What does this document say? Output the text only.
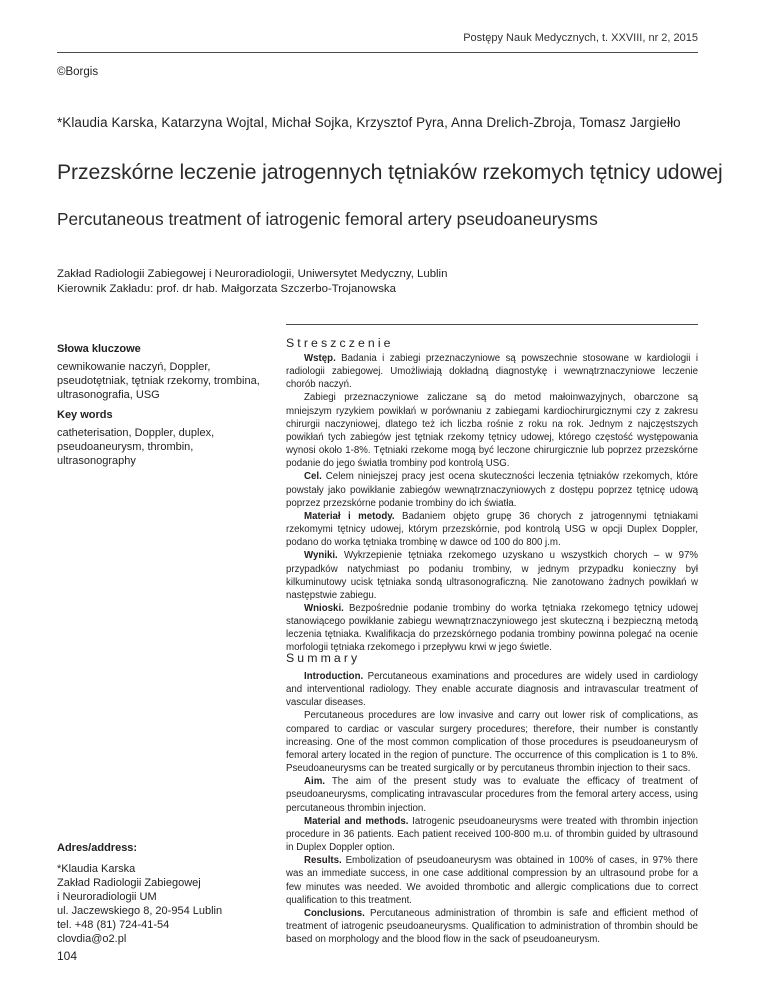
Postępy Nauk Medycznych, t. XXVIII, nr 2, 2015
©Borgis
*Klaudia Karska, Katarzyna Wojtal, Michał Sojka, Krzysztof Pyra, Anna Drelich-Zbroja, Tomasz Jargiełło
Przezskórne leczenie jatrogennych tętniaków rzekomych tętnicy udowej
Percutaneous treatment of iatrogenic femoral artery pseudoaneurysms
Zakład Radiologii Zabiegowej i Neuroradiologii, Uniwersytet Medyczny, Lublin
Kierownik Zakładu: prof. dr hab. Małgorzata Szczerbo-Trojanowska
Słowa kluczowe
cewnikowanie naczyń, Doppler, pseudotętniak, tętniak rzekomy, trombina, ultrasonografia, USG
Key words
catheterisation, Doppler, duplex, pseudoaneurysm, thrombin, ultrasonography
Adres/address:
*Klaudia Karska
Zakład Radiologii Zabiegowej
i Neuroradiologii UM
ul. Jaczewskiego 8, 20-954 Lublin
tel. +48 (81) 724-41-54
clovdia@o2.pl
Streszczenie

Wstęp. Badania i zabiegi przeznaczyniowe są powszechnie stosowane w kardiologii i radiologii zabiegowej. Umożliwiają dokładną diagnostykę i wewnątrznaczyniowe leczenie chorób naczyń.

Zabiegi przeznaczyniowe zaliczane są do metod małoinwazyjnych, obarczone są mniejszym ryzykiem powikłań w porównaniu z zabiegami kardiochirurgicznymi czy z zakresu chirurgii naczyniowej, dlatego też ich liczba rośnie z roku na rok. Jednym z najczęstszych powikłań tych zabiegów jest tętniak rzekomy tętnicy udowej, którego częstość występowania wynosi około 1-8%. Tętniaki rzekome mogą być leczone chirurgicznie lub poprzez przezskórne podanie do jego światła trombiny pod kontrolą USG.

Cel. Celem niniejszej pracy jest ocena skuteczności leczenia tętniaków rzekomych, które powstały jako powikłanie zabiegów wewnątrznaczyniowych z dostępu poprzez tętnicę udową poprzez przezskórne podanie trombiny do ich światła.

Materiał i metody. Badaniem objęto grupę 36 chorych z jatrogennymi tętniakami rzekomymi tętnicy udowej, którym przezskórnie, pod kontrolą USG w opcji Duplex Doppler, podano do worka tętniaka trombinę w dawce od 100 do 800 j.m.

Wyniki. Wykrzepienie tętniaka rzekomego uzyskano u wszystkich chorych – w 97% przypadków natychmiast po podaniu trombiny, w jednym przypadku konieczny był kilkuminutowy ucisk tętniaka sondą ultrasonograficzną. Nie zanotowano żadnych powikłań w następstwie zabiegu.

Wnioski. Bezpośrednie podanie trombiny do worka tętniaka rzekomego tętnicy udowej stanowiącego powikłanie zabiegu wewnątrznaczyniowego jest skuteczną i bezpieczną metodą leczenia tętniaka. Kwalifikacja do przezskórnego podania trombiny powinna polegać na ocenie morfologii tętniaka rzekomego i przepływu krwi w jego świetle.

Summary

Introduction. Percutaneous examinations and procedures are widely used in cardiology and interventional radiology. They enable accurate diagnosis and intravascular treatment of vascular diseases.

Percutaneous procedures are low invasive and carry out lower risk of complications, as compared to cardiac or vascular surgery procedures; therefore, their number is constantly increasing. One of the most common complication of those procedures is pseudoaneurysm of femoral artery located in the region of puncture. The occurrence of this complication is 1 to 8%. Pseudoaneurysms can be treated surgically or by percutaneus thrombin injection to their sacs.

Aim. The aim of the present study was to evaluate the efficacy of treatment of pseudoaneurysms, complicating intravascular procedures from the femoral artery access, using percutaneous thrombin injection.

Material and methods. Iatrogenic pseudoaneurysms were treated with thrombin injection procedure in 36 patients. Each patient received 100-800 m.u. of thrombin guided by ultrasound in Duplex Doppler option.

Results. Embolization of pseudoaneurysm was obtained in 100% of cases, in 97% there was an immediate success, in one case additional compression by an ultrasound probe for a few minutes was needed. We avoided thrombotic and allergic complications due to correct qualification to this treatment.

Conclusions. Percutaneous administration of thrombin is safe and efficient method of treatment of iatrogenic pseudoaneurysms. Qualification to administration of thrombin should be based on morphology and the blood flow in the sack of pseudoaneurysm.

104
